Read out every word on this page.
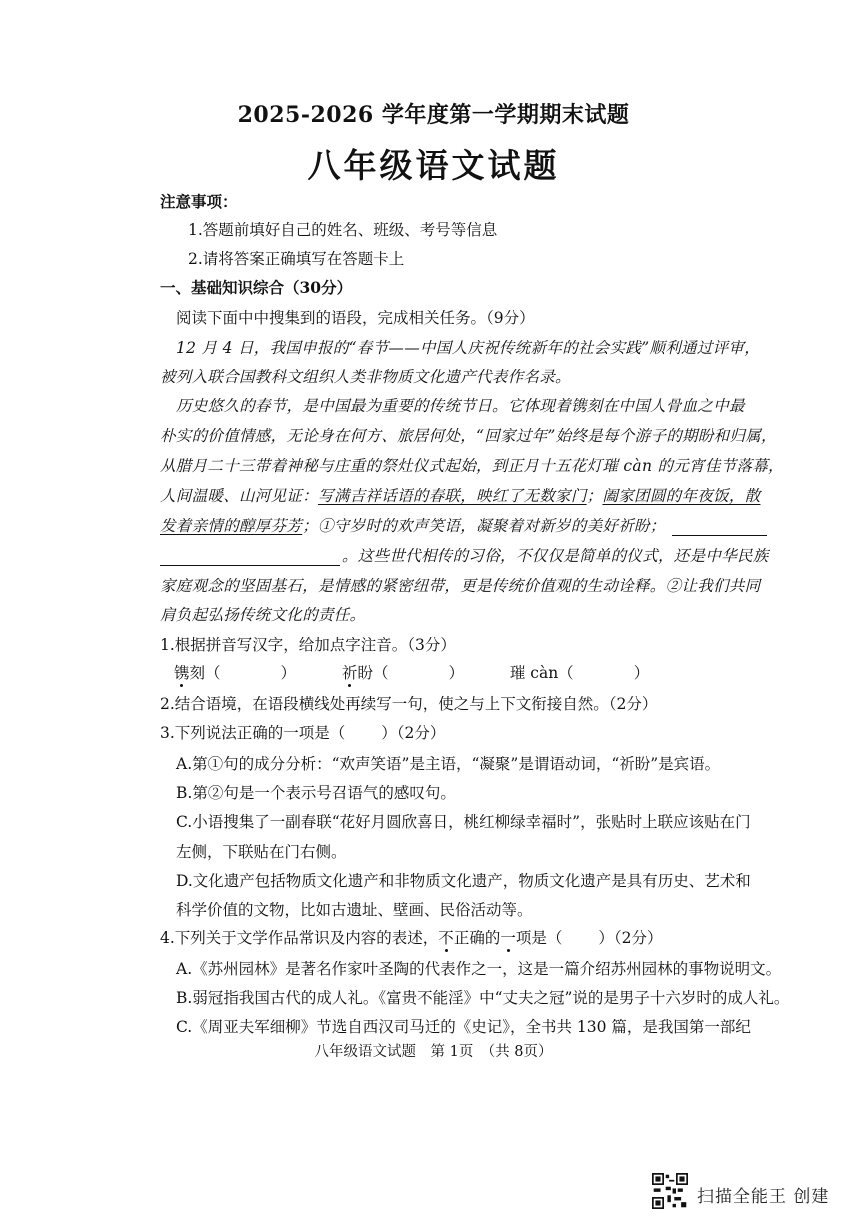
2025-2026 学年度第一学期期末试题
八年级语文试题
注意事项：
1.答题前填好自己的姓名、班级、考号等信息
2.请将答案正确填写在答题卡上
一、基础知识综合（30分）
阅读下面中中搜集到的语段，完成相关任务。（9分）
12 月 4 日，我国申报的“春节——中国人庆祝传统新年的社会实践”顺利通过评审，
被列入联合国教科文组织人类非物质文化遗产代表作名录。
历史悠久的春节，是中国最为重要的传统节日。它体现着镌刻在中国人骨血之中最
朴实的价值情感，无论身在何方、旅居何处，“回家过年”始终是每个游子的期盼和归属，
从腊月二十三带着神秘与庄重的祭灶仪式起始，到正月十五花灯璀 càn 的元宵佳节落幕，
人间温暖、山河见证：写满吉祥话语的春联，映红了无数家门；阖家团圆的年夜饭，散
发着亲情的醇厚芬芳；①守岁时的欢声笑语，凝聚着对新岁的美好祈盼；
。这些世代相传的习俗，不仅仅是简单的仪式，还是中华民族
家庭观念的坚固基石，是情感的紧密纽带，更是传统价值观的生动诠释。②让我们共同
肩负起弘扬传统文化的责任。
1.根据拼音写汉字，给加点字注音。（3分）
镌刻（	）	祈盼（	）	璀 càn（	）
2.结合语境，在语段横线处再续写一句，使之与上下文衔接自然。（2分）
3.下列说法正确的一项是（ ）（2分）
A.第①句的成分分析：“欢声笑语”是主语，“凝聚”是谓语动词，“祈盼”是宾语。
B.第②句是一个表示号召语气的感叹句。
C.小语搜集了一副春联“花好月圆欣喜日，桃红柳绿幸福时”，张贴时上联应该贴在门
左侧，下联贴在门右侧。
D.文化遗产包括物质文化遗产和非物质文化遗产，物质文化遗产是具有历史、艺术和
科学价值的文物，比如古遗址、壁画、民俗活动等。
4.下列关于文学作品常识及内容的表述，不正确的一项是（ ）（2分）
A.《苏州园林》是著名作家叶圣陶的代表作之一，这是一篇介绍苏州园林的事物说明文。
B.弱冠指我国古代的成人礼。《富贵不能淫》中“丈夫之冠”说的是男子十六岁时的成人礼。
C.《周亚夫军细柳》节选自西汉司马迁的《史记》，全书共 130 篇，是我国第一部纪
八年级语文试题　第 1页　（共 8页）
扫描全能王 创建
